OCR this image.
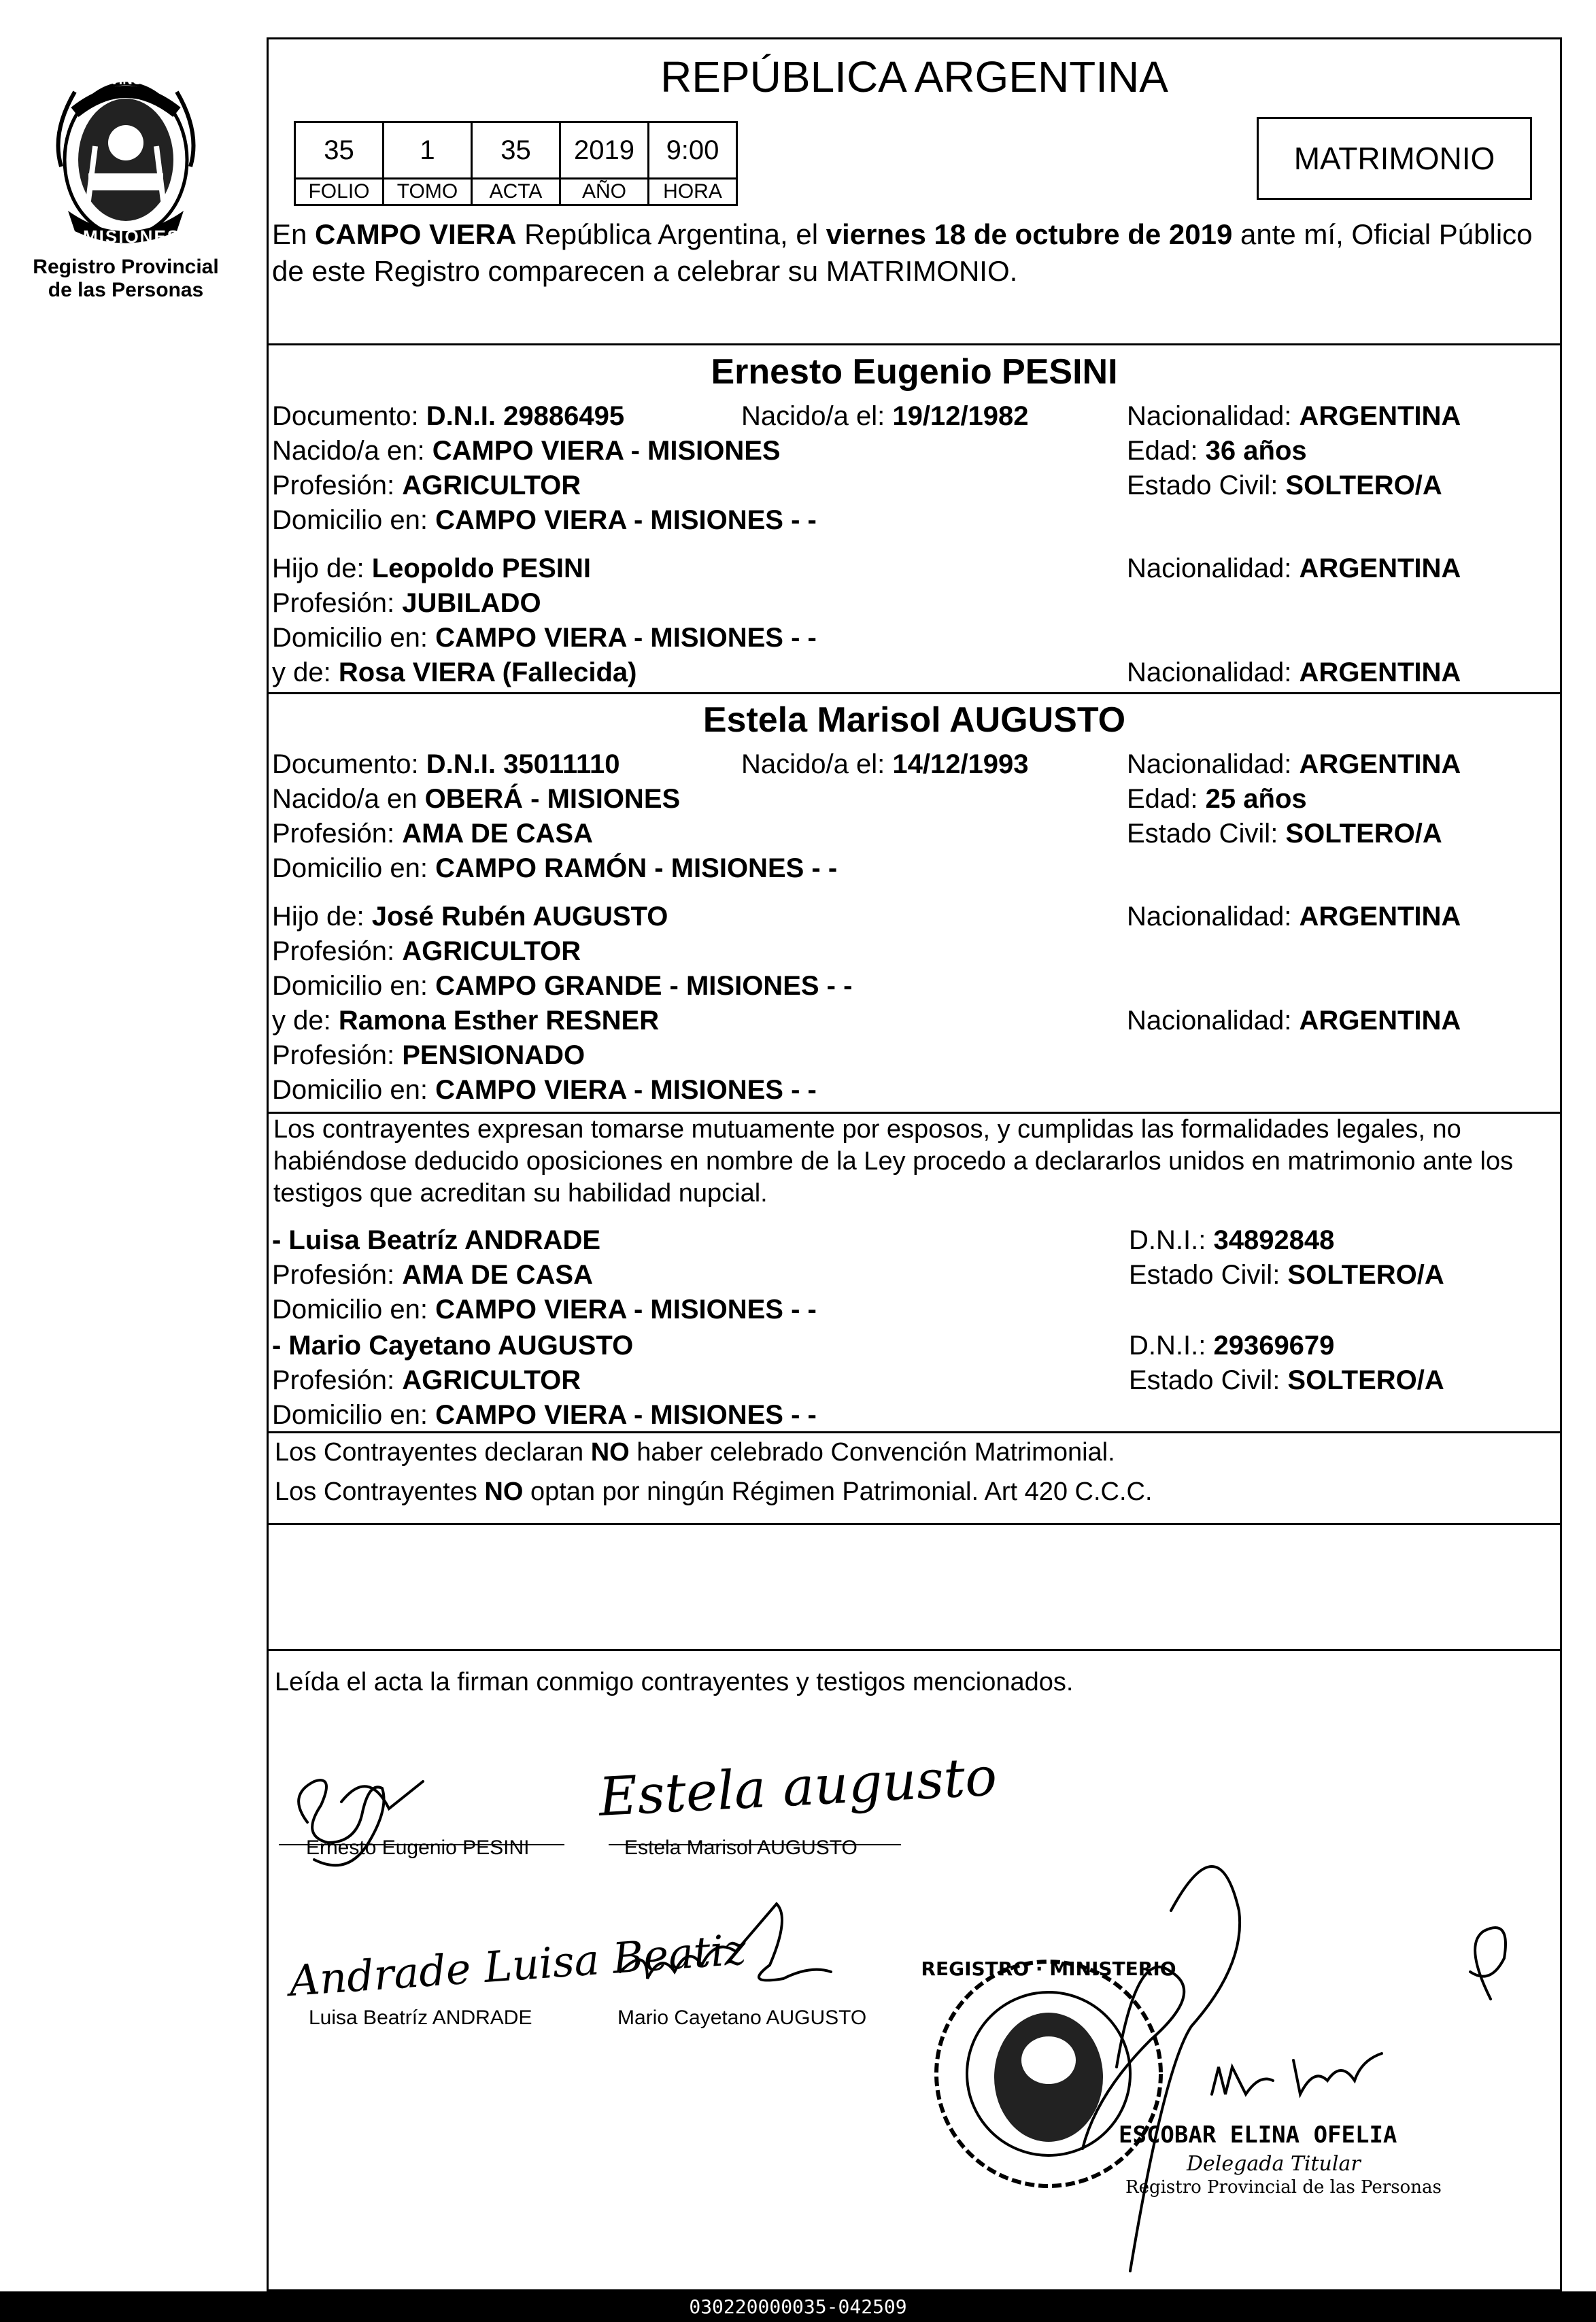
PROVINCIA DE
MISIONES
Registro Provincial de las Personas
REPÚBLICA ARGENTINA
35	1	35	2019	9:00
FOLIO	TOMO	ACTA	AÑO	HORA
MATRIMONIO
En CAMPO VIERA República Argentina, el viernes 18 de octubre de 2019 ante mí, Oficial Público de este Registro comparecen a celebrar su MATRIMONIO.
Ernesto Eugenio PESINI
Documento: D.N.I. 29886495	Nacido/a el: 19/12/1982	Nacionalidad: ARGENTINA
Nacido/a en: CAMPO VIERA - MISIONES	Edad: 36 años
Profesión: AGRICULTOR	Estado Civil: SOLTERO/A
Domicilio en: CAMPO VIERA - MISIONES - -
Hijo de: Leopoldo PESINI	Nacionalidad: ARGENTINA
Profesión: JUBILADO
Domicilio en: CAMPO VIERA - MISIONES - -
y de: Rosa VIERA (Fallecida)	Nacionalidad: ARGENTINA
Estela Marisol AUGUSTO
Documento: D.N.I. 35011110	Nacido/a el: 14/12/1993	Nacionalidad: ARGENTINA
Nacido/a en OBERÁ - MISIONES	Edad: 25 años
Profesión: AMA DE CASA	Estado Civil: SOLTERO/A
Domicilio en: CAMPO RAMÓN - MISIONES - -
Hijo de: José Rubén AUGUSTO	Nacionalidad: ARGENTINA
Profesión: AGRICULTOR
Domicilio en: CAMPO GRANDE - MISIONES - -
y de: Ramona Esther RESNER	Nacionalidad: ARGENTINA
Profesión: PENSIONADO
Domicilio en: CAMPO VIERA - MISIONES - -
Los contrayentes expresan tomarse mutuamente por esposos, y cumplidas las formalidades legales, no habiéndose deducido oposiciones en nombre de la Ley procedo a declararlos unidos en matrimonio ante los testigos que acreditan su habilidad nupcial.
- Luisa Beatríz ANDRADE	D.N.I.: 34892848
Profesión: AMA DE CASA	Estado Civil: SOLTERO/A
Domicilio en: CAMPO VIERA - MISIONES - -
- Mario Cayetano AUGUSTO	D.N.I.: 29369679
Profesión: AGRICULTOR	Estado Civil: SOLTERO/A
Domicilio en: CAMPO VIERA - MISIONES - -
Los Contrayentes declaran NO haber celebrado Convención Matrimonial.
Los Contrayentes NO optan por ningún Régimen Patrimonial. Art 420 C.C.C.
Leída el acta la firman conmigo contrayentes y testigos mencionados.
Estela augusto
Andrade Luisa Beatiz	REGISTRO · MINISTERIO
Ernesto Eugenio PESINI	Estela Marisol AUGUSTO
Luisa Beatríz ANDRADE	Mario Cayetano AUGUSTO
ESCOBAR ELINA OFELIA
Delegada Titular
Registro Provincial de las Personas
030220000035-042509
